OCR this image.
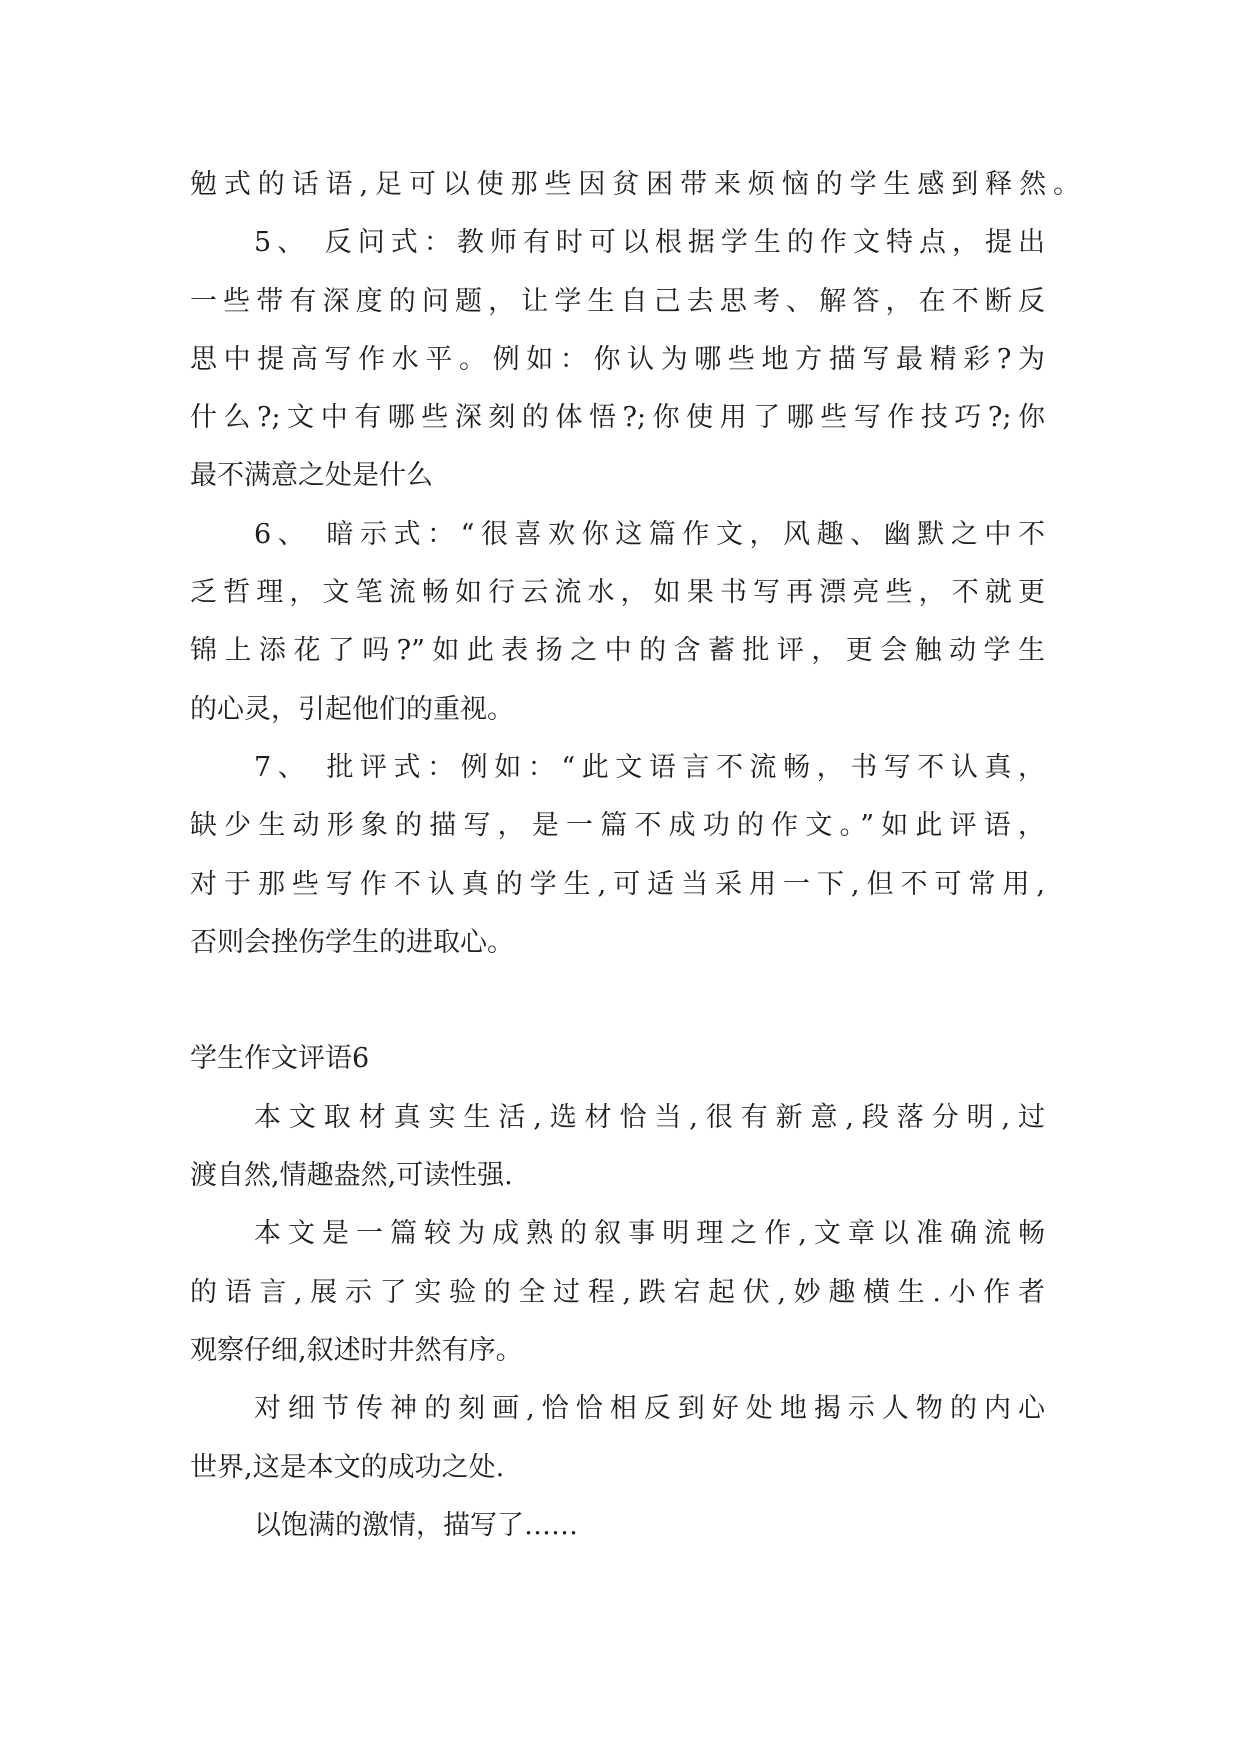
勉式的话语,足可以使那些因贫困带来烦恼的学生感到释然。
5、 反问式：教师有时可以根据学生的作文特点，提出
一些带有深度的问题，让学生自己去思考、解答，在不断反
思中提高写作水平。例如：你认为哪些地方描写最精彩?为
什么?;文中有哪些深刻的体悟?;你使用了哪些写作技巧?;你
最不满意之处是什么
6、 暗示式：“很喜欢你这篇作文，风趣、幽默之中不
乏哲理，文笔流畅如行云流水，如果书写再漂亮些，不就更
锦上添花了吗?”如此表扬之中的含蓄批评，更会触动学生
的心灵，引起他们的重视。
7、 批评式：例如：“此文语言不流畅，书写不认真，
缺少生动形象的描写，是一篇不成功的作文。”如此评语，
对于那些写作不认真的学生,可适当采用一下,但不可常用,
否则会挫伤学生的进取心。
学生作文评语6
本文取材真实生活,选材恰当,很有新意,段落分明,过
渡自然,情趣盎然,可读性强.
本文是一篇较为成熟的叙事明理之作,文章以准确流畅
的语言,展示了实验的全过程,跌宕起伏,妙趣横生.小作者
观察仔细,叙述时井然有序。
对细节传神的刻画,恰恰相反到好处地揭示人物的内心
世界,这是本文的成功之处.
以饱满的激情，描写了……
